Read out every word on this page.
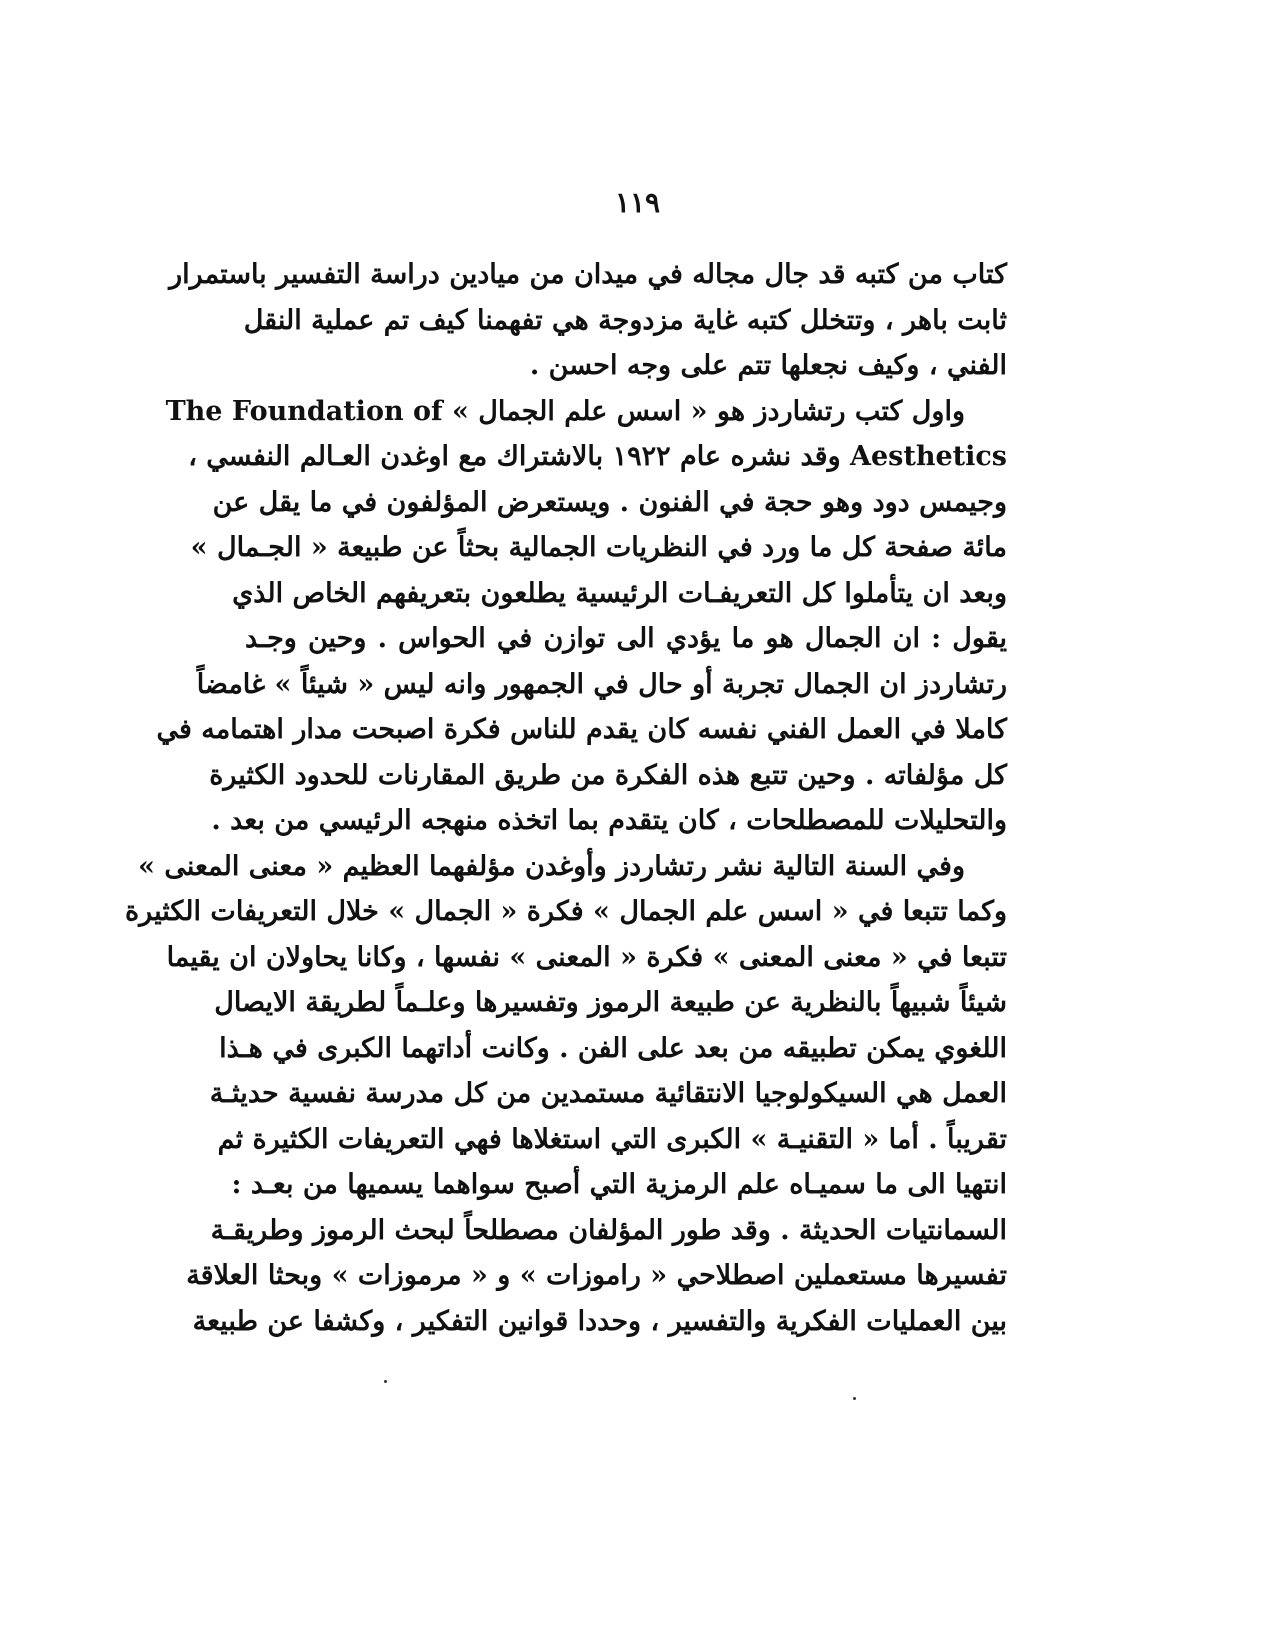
١١٩
كتاب من كتبه قد جال مجاله في ميدان من ميادين دراسة التفسير باستمرار
ثابت باهر ، وتتخلل كتبه غاية مزدوجة هي تفهمنا كيف تم عملية النقل
الفني ، وكيف نجعلها تتم على وجه احسن .
واول كتب رتشاردز هو « اسس علم الجمال » The Foundation of
Aesthetics وقد نشره عام ١٩٢٢ بالاشتراك مع اوغدن العـالم النفسي ،
وجيمس دود وهو حجة في الفنون . ويستعرض المؤلفون في ما يقل عن
مائة صفحة كل ما ورد في النظريات الجمالية بحثاً عن طبيعة « الجـمال »
وبعد ان يتأملوا كل التعريفـات الرئيسية يطلعون بتعريفهم الخاص الذي
يقول : ان الجمال هو ما يؤدي الى توازن في الحواس . وحين وجـد
رتشاردز ان الجمال تجربة أو حال في الجمهور وانه ليس « شيئاً » غامضاً
كاملا في العمل الفني نفسه كان يقدم للناس فكرة اصبحت مدار اهتمامه في
كل مؤلفاته . وحين تتبع هذه الفكرة من طريق المقارنات للحدود الكثيرة
والتحليلات للمصطلحات ، كان يتقدم بما اتخذه منهجه الرئيسي من بعد .
وفي السنة التالية نشر رتشاردز وأوغدن مؤلفهما العظيم « معنى المعنى »
وكما تتبعا في « اسس علم الجمال » فكرة « الجمال » خلال التعريفات الكثيرة
تتبعا في « معنى المعنى » فكرة « المعنى » نفسها ، وكانا يحاولان ان يقيما
شيئاً شبيهاً بالنظرية عن طبيعة الرموز وتفسيرها وعلـماً لطريقة الايصال
اللغوي يمكن تطبيقه من بعد على الفن . وكانت أداتهما الكبرى في هـذا
العمل هي السيكولوجيا الانتقائية مستمدين من كل مدرسة نفسية حديثـة
تقريباً . أما « التقنيـة » الكبرى التي استغلاها فهي التعريفات الكثيرة ثم
انتهيا الى ما سميـاه علم الرمزية التي أصبح سواهما يسميها من بعـد :
السمانتيات الحديثة . وقد طور المؤلفان مصطلحاً لبحث الرموز وطريقـة
تفسيرها مستعملين اصطلاحي « راموزات » و « مرموزات » وبحثا العلاقة
بين العمليات الفكرية والتفسير ، وحددا قوانين التفكير ، وكشفا عن طبيعة
